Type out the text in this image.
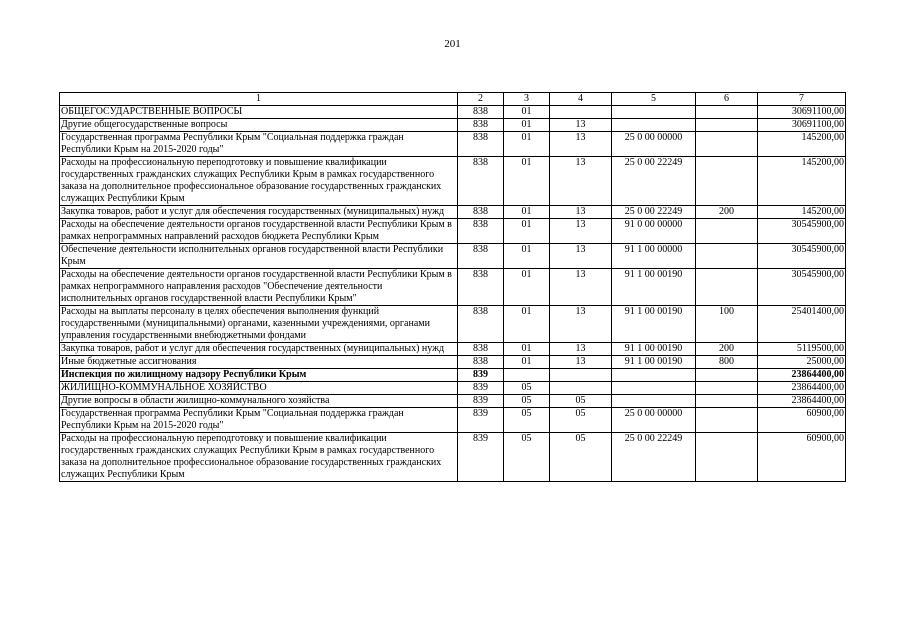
201
1	2	3	4	5	6	7
ОБЩЕГОСУДАРСТВЕННЫЕ ВОПРОСЫ	838	01				30691100,00
Другие общегосударственные вопросы	838	01	13			30691100,00
Государственная программа Республики Крым "Социальная поддержка граждан Республики Крым на 2015-2020 годы"	838	01	13	25 0 00 00000		145200,00
Расходы на профессиональную переподготовку и повышение квалификации государственных гражданских служащих Республики Крым в рамках государственного заказа на дополнительное профессиональное образование государственных гражданских служащих Республики Крым	838	01	13	25 0 00 22249		145200,00
Закупка товаров, работ и услуг для обеспечения государственных (муниципальных) нужд	838	01	13	25 0 00 22249	200	145200,00
Расходы на обеспечение деятельности органов государственной власти Республики Крым в рамках непрограммных направлений расходов бюджета Республики Крым	838	01	13	91 0 00 00000		30545900,00
Обеспечение деятельности исполнительных органов государственной власти Республики Крым	838	01	13	91 1 00 00000		30545900,00
Расходы на обеспечение деятельности органов государственной власти Республики Крым в рамках непрограммного направления расходов "Обеспечение деятельности исполнительных органов государственной власти Республики Крым"	838	01	13	91 1 00 00190		30545900,00
Расходы на выплаты персоналу в целях обеспечения выполнения функций государственными (муниципальными) органами, казенными учреждениями, органами управления государственными внебюджетными фондами	838	01	13	91 1 00 00190	100	25401400,00
Закупка товаров, работ и услуг для обеспечения государственных (муниципальных) нужд	838	01	13	91 1 00 00190	200	5119500,00
Иные бюджетные ассигнования	838	01	13	91 1 00 00190	800	25000,00
Инспекция по жилищному надзору Республики Крым	839					23864400,00
ЖИЛИЩНО-КОММУНАЛЬНОЕ ХОЗЯЙСТВО	839	05				23864400,00
Другие вопросы в области жилищно-коммунального хозяйства	839	05	05			23864400,00
Государственная программа Республики Крым "Социальная поддержка граждан Республики Крым на 2015-2020 годы"	839	05	05	25 0 00 00000		60900,00
Расходы на профессиональную переподготовку и повышение квалификации государственных гражданских служащих Республики Крым в рамках государственного заказа на дополнительное профессиональное образование государственных гражданских служащих Республики Крым	839	05	05	25 0 00 22249		60900,00
